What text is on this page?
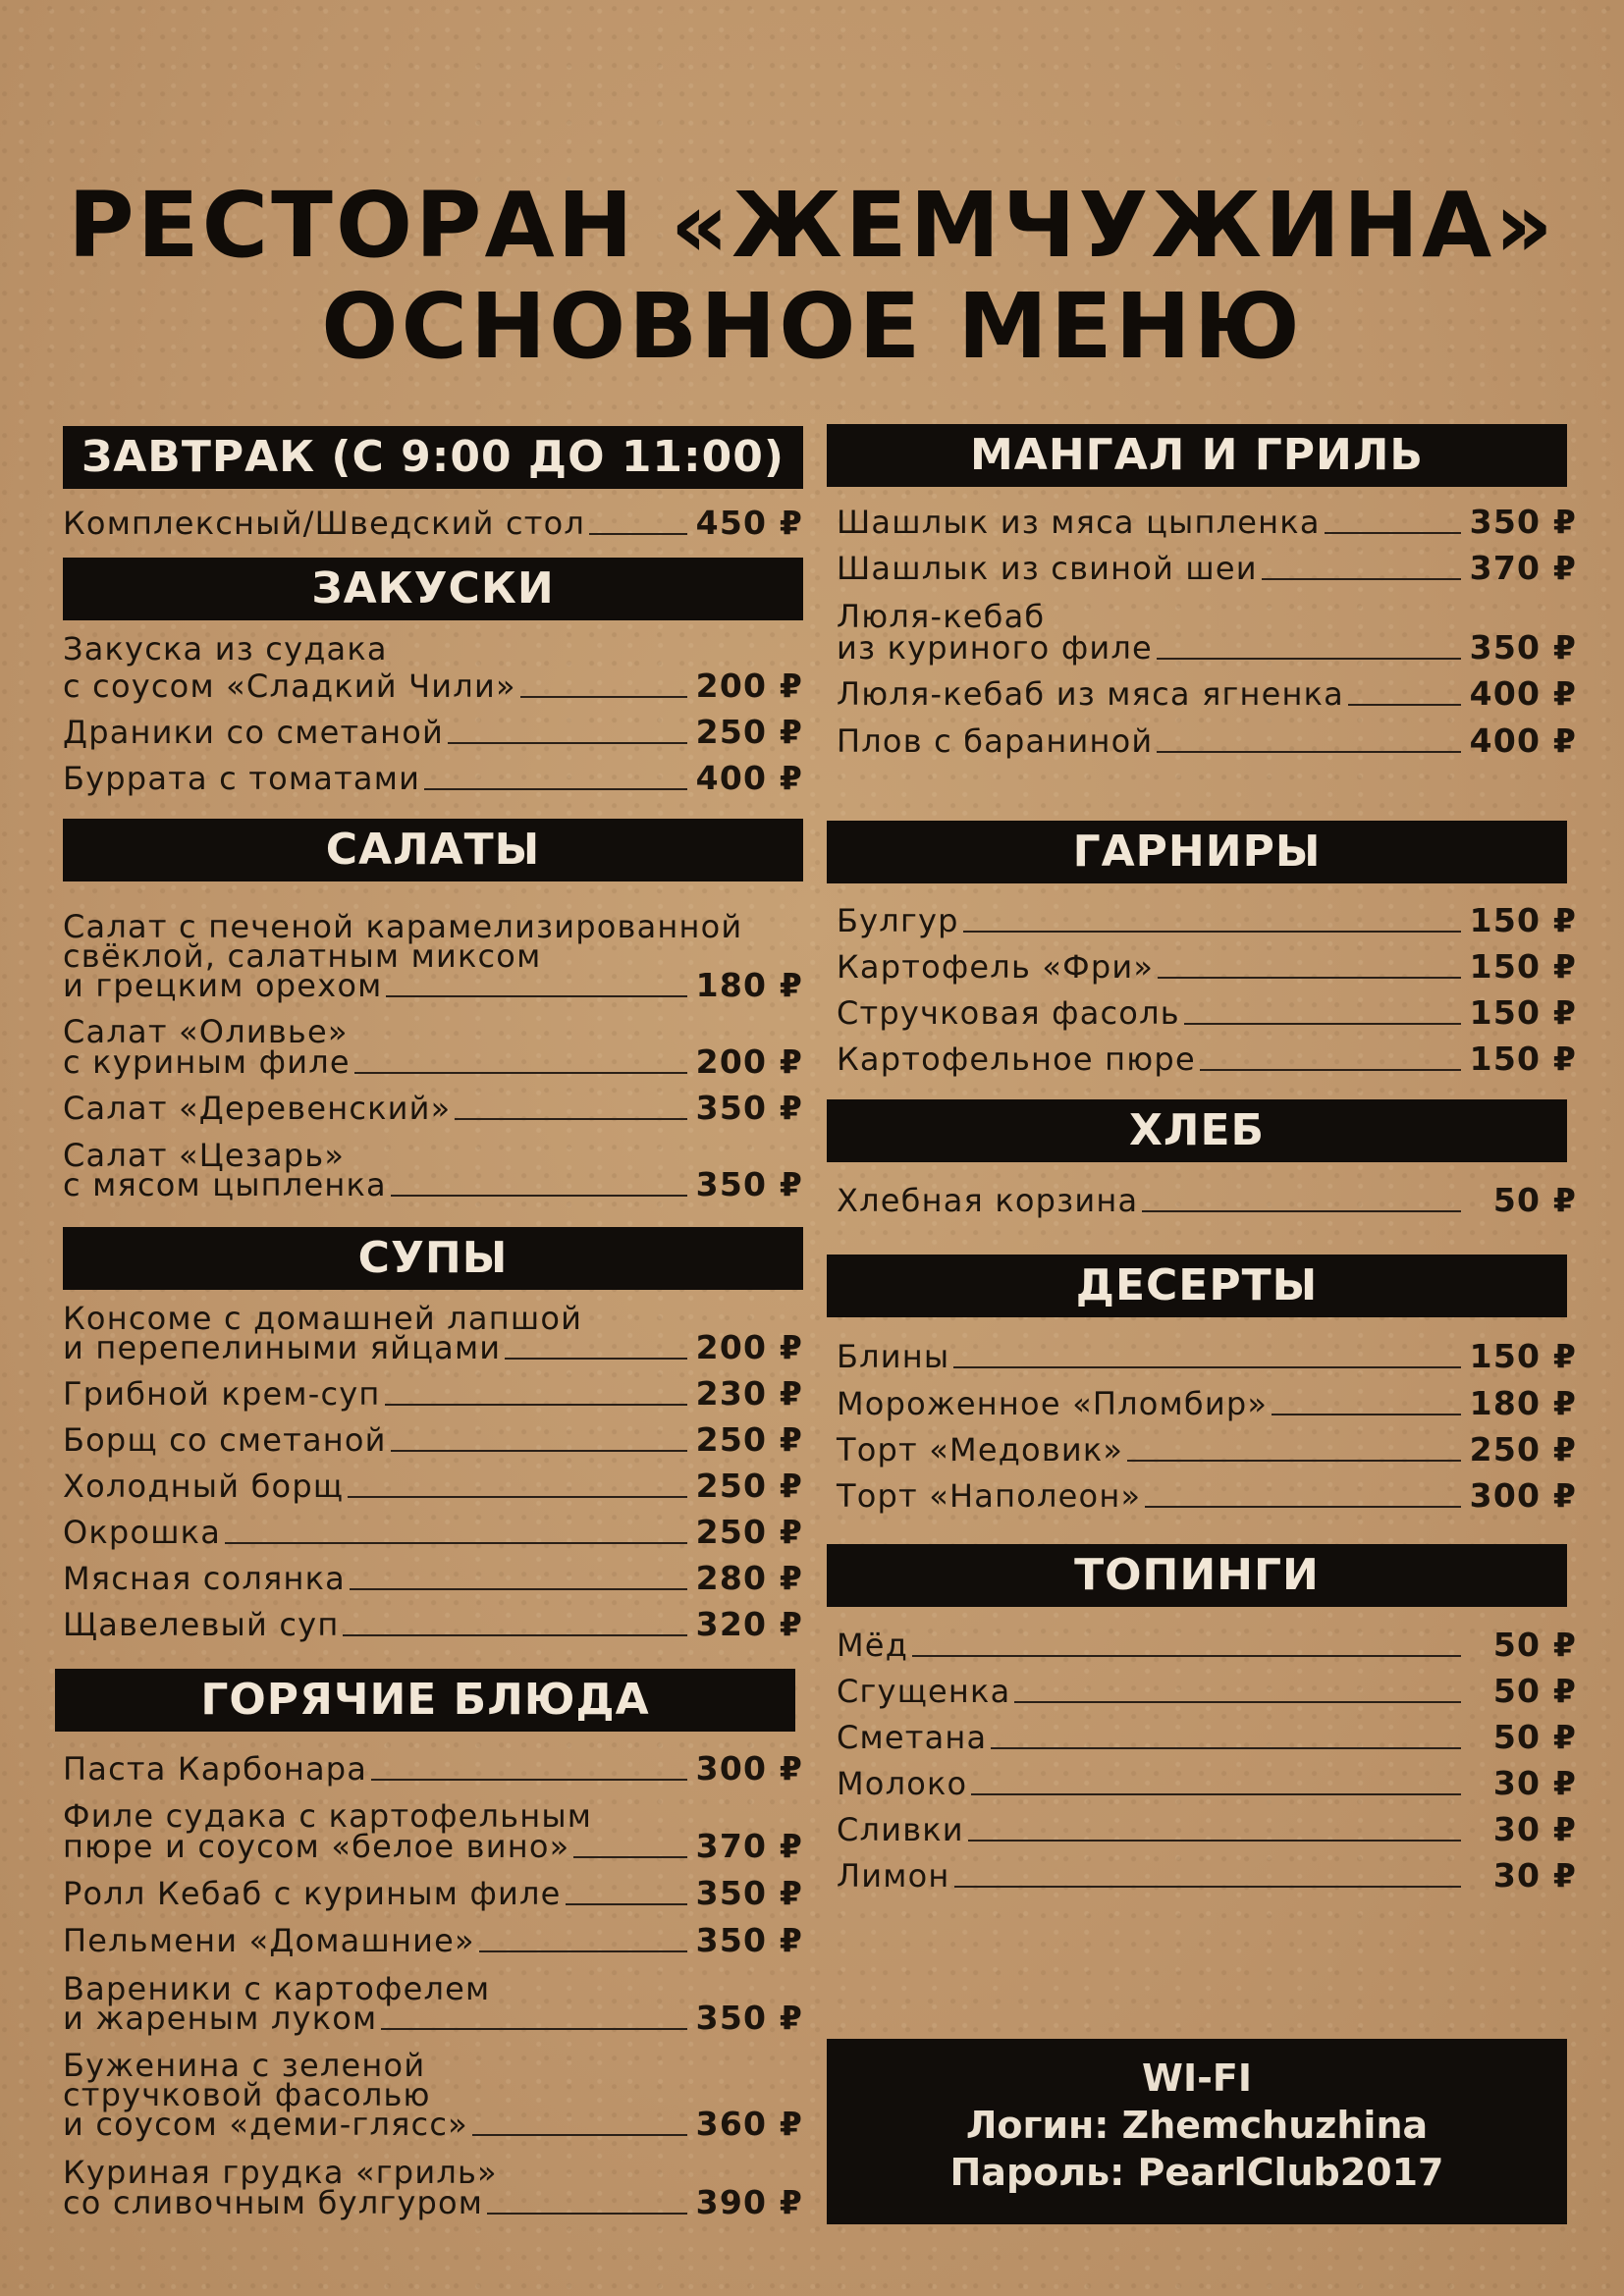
РЕСТОРАН «ЖЕМЧУЖИНА»
ОСНОВНОЕ МЕНЮ
ЗАВТРАК (С 9:00 ДО 11:00)
Комплексный/Шведский стол	450 ₽
ЗАКУСКИ
Закуска из судака
с соусом «Сладкий Чили»	200 ₽
Драники со сметаной	250 ₽
Буррата с томатами	400 ₽
САЛАТЫ
Салат с печеной карамелизированной
свёклой, салатным миксом
и грецким орехом	180 ₽
Салат «Оливье»
с куриным филе	200 ₽
Салат «Деревенский»	350 ₽
Салат «Цезарь»
с мясом цыпленка	350 ₽
СУПЫ
Консоме с домашней лапшой
и перепелиными яйцами	200 ₽
Грибной крем-суп	230 ₽
Борщ со сметаной	250 ₽
Холодный борщ	250 ₽
Окрошка	250 ₽
Мясная солянка	280 ₽
Щавелевый суп	320 ₽
ГОРЯЧИЕ БЛЮДА
Паста Карбонара	300 ₽
Филе судака с картофельным
пюре и соусом «белое вино»	370 ₽
Ролл Кебаб с куриным филе	350 ₽
Пельмени «Домашние»	350 ₽
Вареники с картофелем
и жареным луком	350 ₽
Буженина с зеленой
стручковой фасолью
и соусом «деми-гляcс»	360 ₽
Куриная грудка «гриль»
со сливочным булгуром	390 ₽
МАНГАЛ И ГРИЛЬ
Шашлык из мяса цыпленка	350 ₽
Шашлык из свиной шеи	370 ₽
Люля-кебаб
из куриного филе	350 ₽
Люля-кебаб из мяса ягненка	400 ₽
Плов с бараниной	400 ₽
ГАРНИРЫ
Булгур	150 ₽
Картофель «Фри»	150 ₽
Стручковая фасоль	150 ₽
Картофельное пюре	150 ₽
ХЛЕБ
Хлебная корзина	50 ₽
ДЕСЕРТЫ
Блины	150 ₽
Мороженное «Пломбир»	180 ₽
Торт «Медовик»	250 ₽
Торт «Наполеон»	300 ₽
ТОПИНГИ
Мёд	50 ₽
Сгущенка	50 ₽
Сметана	50 ₽
Молоко	30 ₽
Сливки	30 ₽
Лимон	30 ₽
WI-FI
Логин: Zhemchuzhina
Пароль: PearlClub2017
